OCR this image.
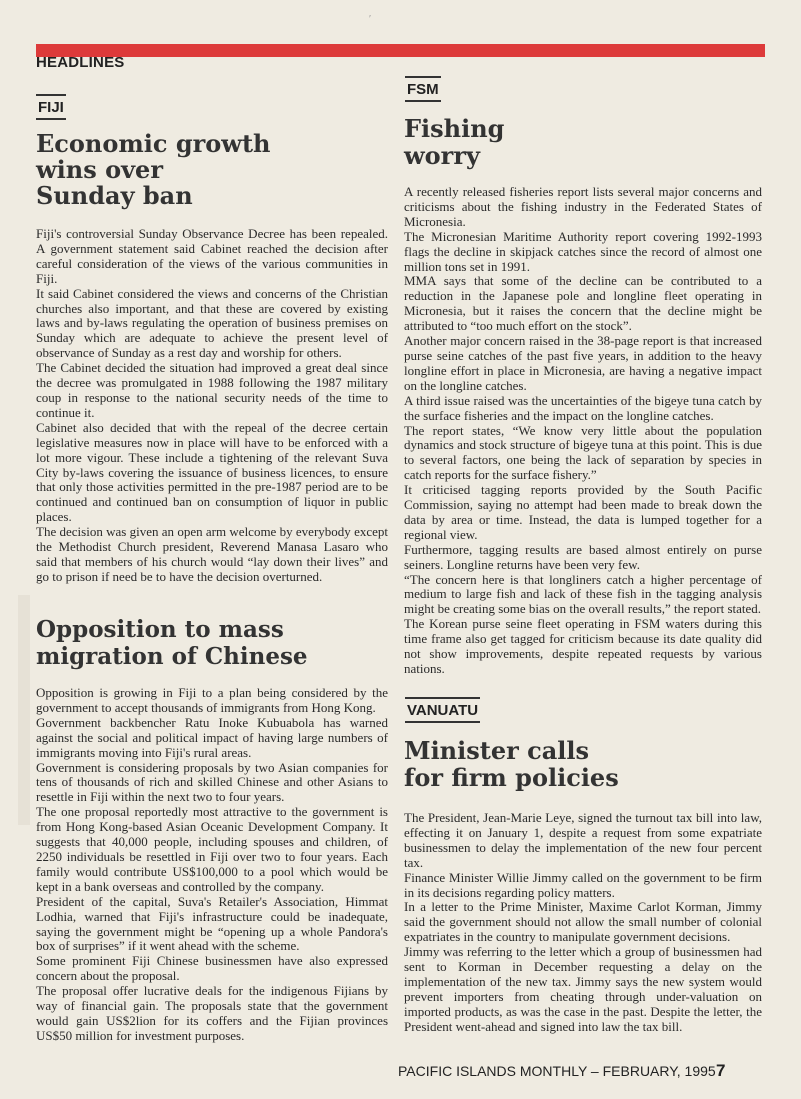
′
HEADLINES
FIJI
Economic growth
wins over
Sunday ban

Fiji's controversial Sunday Observance Decree has been repealed. A government statement said Cabinet reached the decision after careful consideration of the views of the various communities in Fiji.

It said Cabinet considered the views and concerns of the Christian churches also important, and that these are covered by existing laws and by-laws regulating the operation of business premises on Sunday which are adequate to achieve the present level of observance of Sunday as a rest day and worship for others.

The Cabinet decided the situation had improved a great deal since the decree was promulgated in 1988 following the 1987 military coup in response to the national security needs of the time to continue it.

Cabinet also decided that with the repeal of the decree certain legislative measures now in place will have to be enforced with a lot more vigour. These include a tightening of the relevant Suva City by-laws covering the issuance of business licences, to ensure that only those activities permitted in the pre-1987 period are to be continued and continued ban on consumption of liquor in public places.

The decision was given an open arm welcome by everybody except the Methodist Church president, Reverend Manasa Lasaro who said that members of his church would “lay down their lives” and go to prison if need be to have the decision overturned.

Opposition to mass
migration of Chinese

Opposition is growing in Fiji to a plan being considered by the government to accept thousands of immigrants from Hong Kong.

Government backbencher Ratu Inoke Kubuabola has warned against the social and political impact of having large numbers of immigrants moving into Fiji's rural areas.

Government is considering proposals by two Asian companies for tens of thousands of rich and skilled Chinese and other Asians to resettle in Fiji within the next two to four years.

The one proposal reportedly most attractive to the government is from Hong Kong-based Asian Oceanic Development Company. It suggests that 40,000 people, including spouses and children, of 2250 individuals be resettled in Fiji over two to four years. Each family would contribute US$100,000 to a pool which would be kept in a bank overseas and controlled by the company.

President of the capital, Suva's Retailer's Association, Himmat Lodhia, warned that Fiji's infrastructure could be inadequate, saying the government might be “opening up a whole Pandora's box of surprises” if it went ahead with the scheme.

Some prominent Fiji Chinese businessmen have also expressed concern about the proposal.

The proposal offer lucrative deals for the indigenous Fijians by way of financial gain. The proposals state that the government would gain US$2lion for its coffers and the Fijian provinces US$50 million for investment purposes.

FSM
Fishing
worry

A recently released fisheries report lists several major concerns and criticisms about the fishing industry in the Federated States of Micronesia.

The Micronesian Maritime Authority report covering 1992-1993 flags the decline in skipjack catches since the record of almost one million tons set in 1991.

MMA says that some of the decline can be contributed to a reduction in the Japanese pole and longline fleet operating in Micronesia, but it raises the concern that the decline might be attributed to “too much effort on the stock”.

Another major concern raised in the 38-page report is that increased purse seine catches of the past five years, in addition to the heavy longline effort in place in Micronesia, are having a negative impact on the longline catches.

A third issue raised was the uncertainties of the bigeye tuna catch by the surface fisheries and the impact on the longline catches.

The report states, “We know very little about the population dynamics and stock structure of bigeye tuna at this point. This is due to several factors, one being the lack of separation by species in catch reports for the surface fishery.”

It criticised tagging reports provided by the South Pacific Commission, saying no attempt had been made to break down the data by area or time. Instead, the data is lumped together for a regional view.

Furthermore, tagging results are based almost entirely on purse seiners. Longline returns have been very few.

“The concern here is that longliners catch a higher percentage of medium to large fish and lack of these fish in the tagging analysis might be creating some bias on the overall results,” the report stated.

The Korean purse seine fleet operating in FSM waters during this time frame also get tagged for criticism because its date quality did not show improvements, despite repeated requests by various nations.

VANUATU
Minister calls
for firm policies

The President, Jean-Marie Leye, signed the turnout tax bill into law, effecting it on January 1, despite a request from some expatriate businessmen to delay the implementation of the new four percent tax.

Finance Minister Willie Jimmy called on the government to be firm in its decisions regarding policy matters.

In a letter to the Prime Minister, Maxime Carlot Korman, Jimmy said the government should not allow the small number of colonial expatriates in the country to manipulate government decisions.

Jimmy was referring to the letter which a group of businessmen had sent to Korman in December requesting a delay on the implementation of the new tax. Jimmy says the new system would prevent importers from cheating through under-valuation on imported products, as was the case in the past. Despite the letter, the President went-ahead and signed into law the tax bill.

PACIFIC ISLANDS MONTHLY – FEBRUARY, 1995 7
